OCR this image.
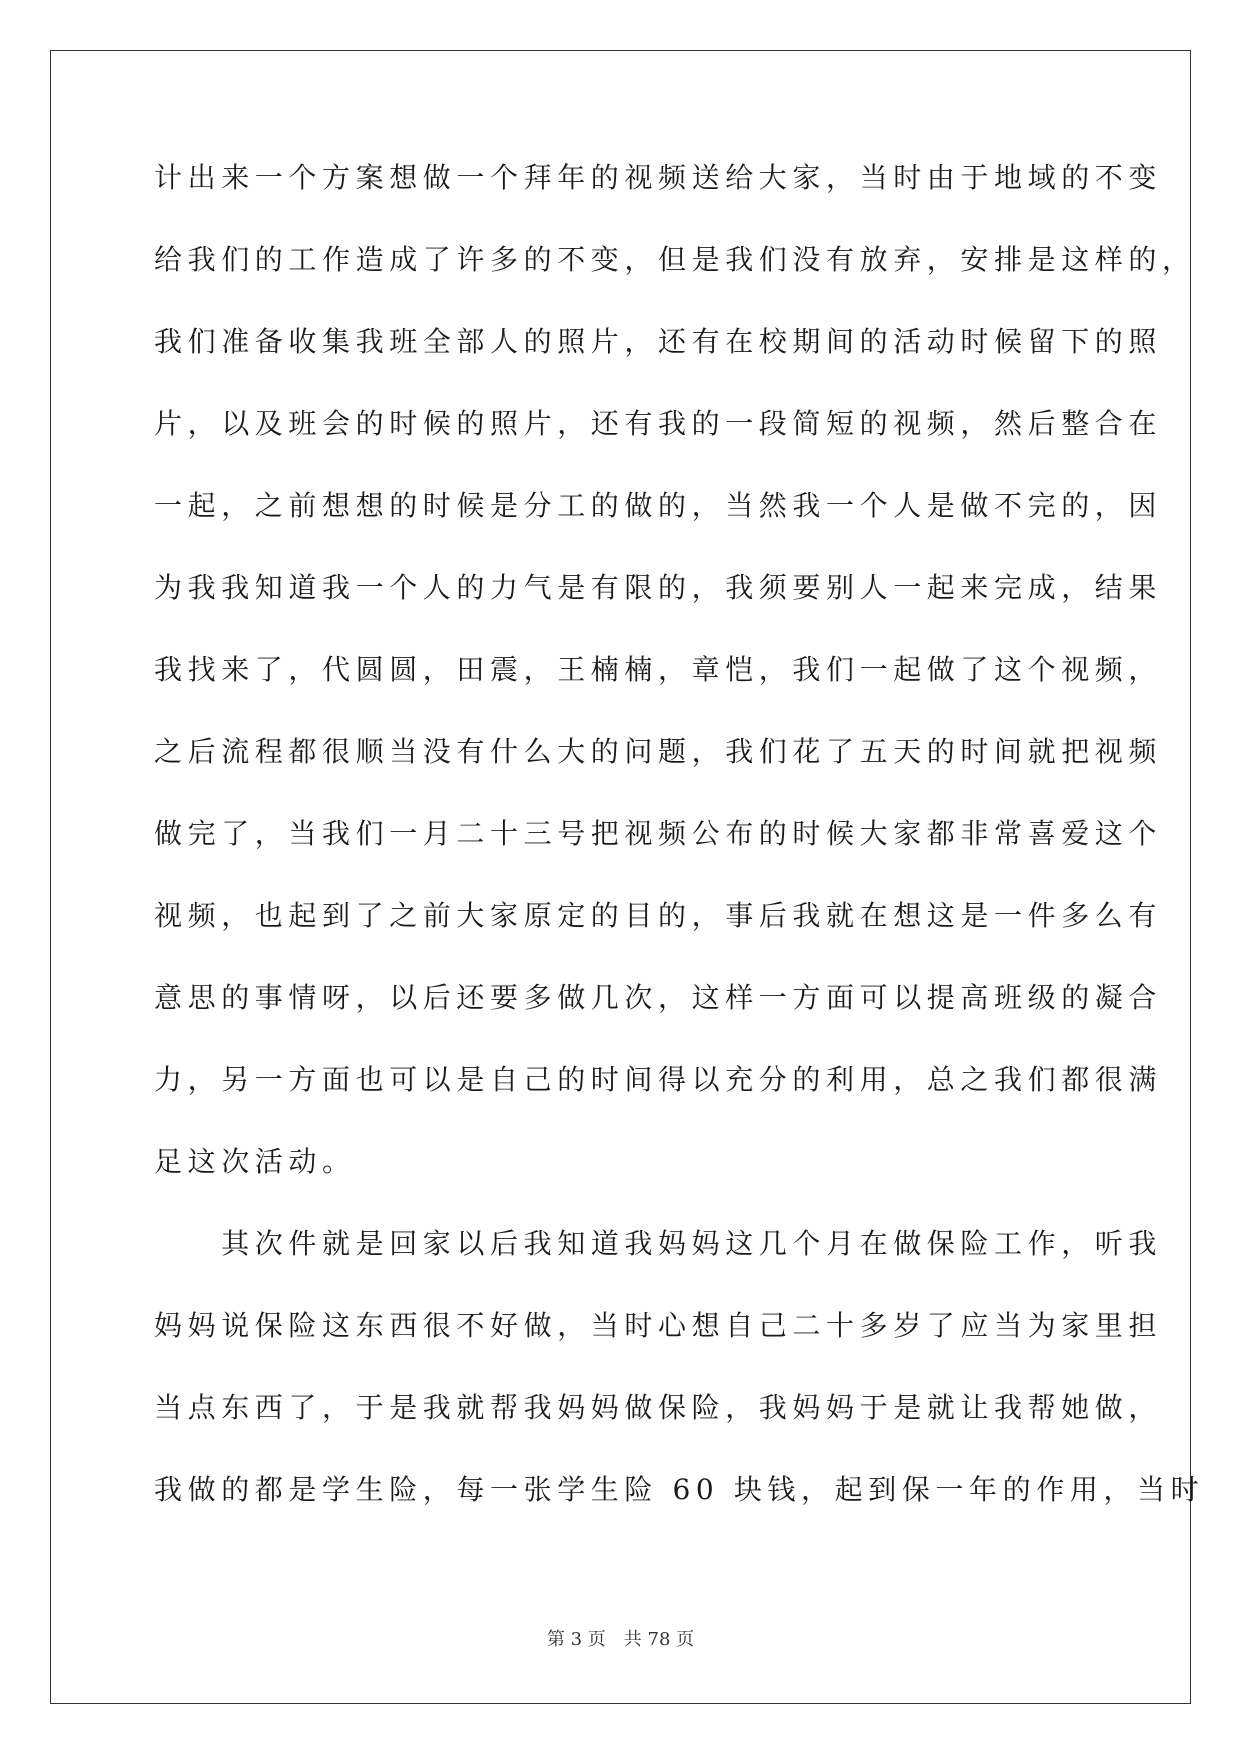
计出来一个方案想做一个拜年的视频送给大家，当时由于地域的不变
给我们的工作造成了许多的不变，但是我们没有放弃，安排是这样的，
我们准备收集我班全部人的照片，还有在校期间的活动时候留下的照
片，以及班会的时候的照片，还有我的一段简短的视频，然后整合在
一起，之前想想的时候是分工的做的，当然我一个人是做不完的，因
为我我知道我一个人的力气是有限的，我须要别人一起来完成，结果
我找来了，代圆圆，田震，王楠楠，章恺，我们一起做了这个视频，
之后流程都很顺当没有什么大的问题，我们花了五天的时间就把视频
做完了，当我们一月二十三号把视频公布的时候大家都非常喜爱这个
视频，也起到了之前大家原定的目的，事后我就在想这是一件多么有
意思的事情呀，以后还要多做几次，这样一方面可以提高班级的凝合
力，另一方面也可以是自己的时间得以充分的利用，总之我们都很满
足这次活动。
　　其次件就是回家以后我知道我妈妈这几个月在做保险工作，听我
妈妈说保险这东西很不好做，当时心想自己二十多岁了应当为家里担
当点东西了，于是我就帮我妈妈做保险，我妈妈于是就让我帮她做，
我做的都是学生险，每一张学生险 60 块钱，起到保一年的作用，当时
第 3 页　共 78 页
